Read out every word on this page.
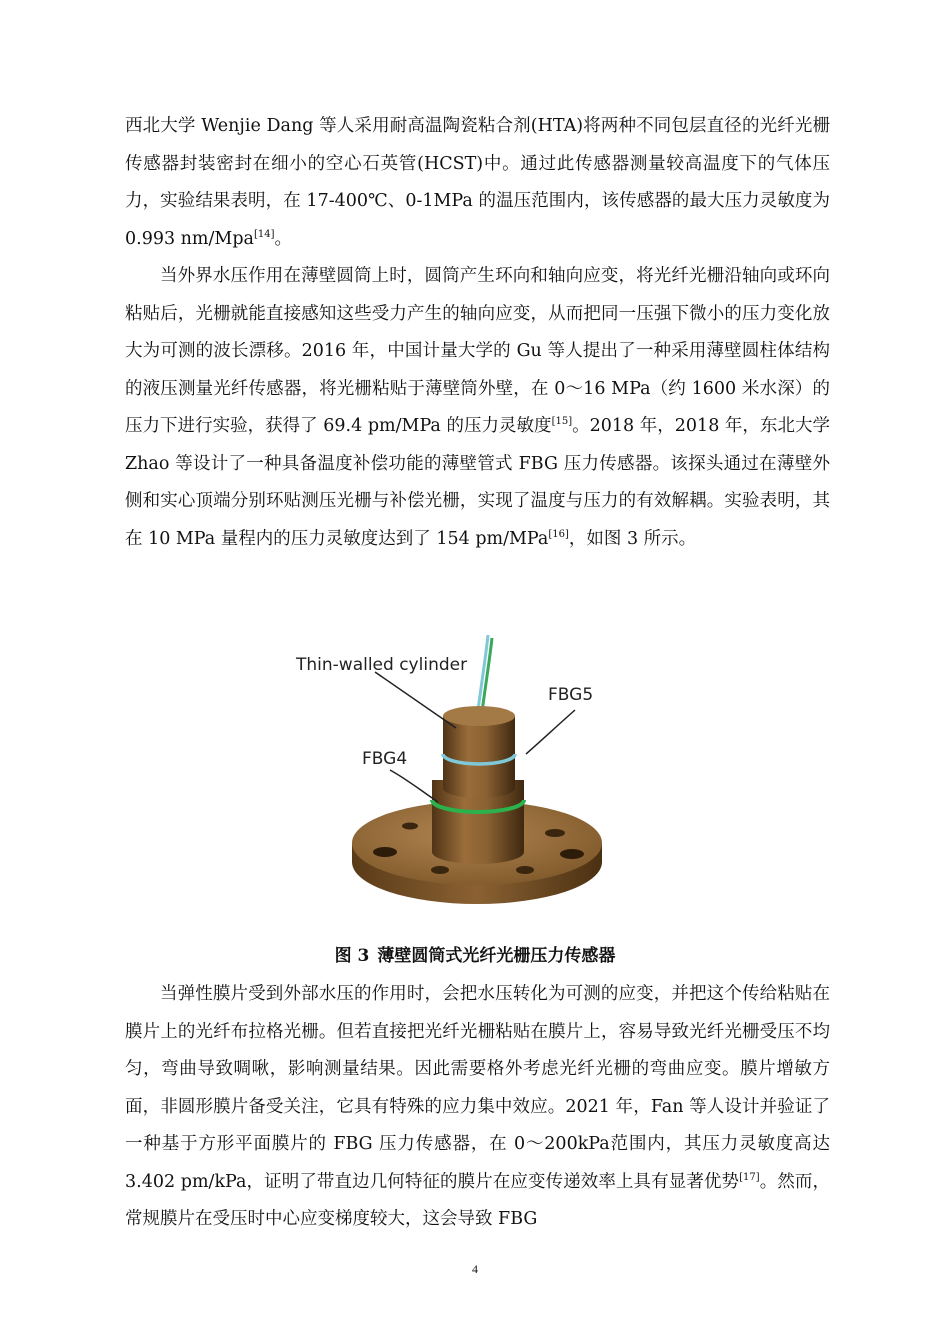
西北大学 Wenjie Dang 等人采用耐高温陶瓷粘合剂(HTA)将两种不同包层直径的光纤光栅传感器封装密封在细小的空心石英管(HCST)中。通过此传感器测量较高温度下的气体压力，实验结果表明，在 17-400℃、0-1MPa 的温压范围内，该传感器的最大压力灵敏度为 0.993 nm/Mpa[14]。

当外界水压作用在薄壁圆筒上时，圆筒产生环向和轴向应变，将光纤光栅沿轴向或环向粘贴后，光栅就能直接感知这些受力产生的轴向应变，从而把同一压强下微小的压力变化放大为可测的波长漂移。2016 年，中国计量大学的 Gu 等人提出了一种采用薄壁圆柱体结构的液压测量光纤传感器，将光栅粘贴于薄壁筒外壁，在 0～16 MPa（约 1600 米水深）的压力下进行实验，获得了 69.4 pm/MPa 的压力灵敏度[15]。2018 年，2018 年，东北大学 Zhao 等设计了一种具备温度补偿功能的薄壁管式 FBG 压力传感器。该探头通过在薄壁外侧和实心顶端分别环贴测压光栅与补偿光栅，实现了温度与压力的有效解耦。实验表明，其在 10 MPa 量程内的压力灵敏度达到了 154 pm/MPa[16]，如图 3 所示。

Thin-walled cylinder
FBG5
FBG4
图 3 薄壁圆筒式光纤光栅压力传感器

当弹性膜片受到外部水压的作用时，会把水压转化为可测的应变，并把这个传给粘贴在膜片上的光纤布拉格光栅。但若直接把光纤光栅粘贴在膜片上，容易导致光纤光栅受压不均匀，弯曲导致啁啾，影响测量结果。因此需要格外考虑光纤光栅的弯曲应变。膜片增敏方面，非圆形膜片备受关注，它具有特殊的应力集中效应。2021 年，Fan 等人设计并验证了一种基于方形平面膜片的 FBG 压力传感器，在 0～200kPa范围内，其压力灵敏度高达 3.402 pm/kPa，证明了带直边几何特征的膜片在应变传递效率上具有显著优势[17]。然而，常规膜片在受压时中心应变梯度较大，这会导致 FBG

4
